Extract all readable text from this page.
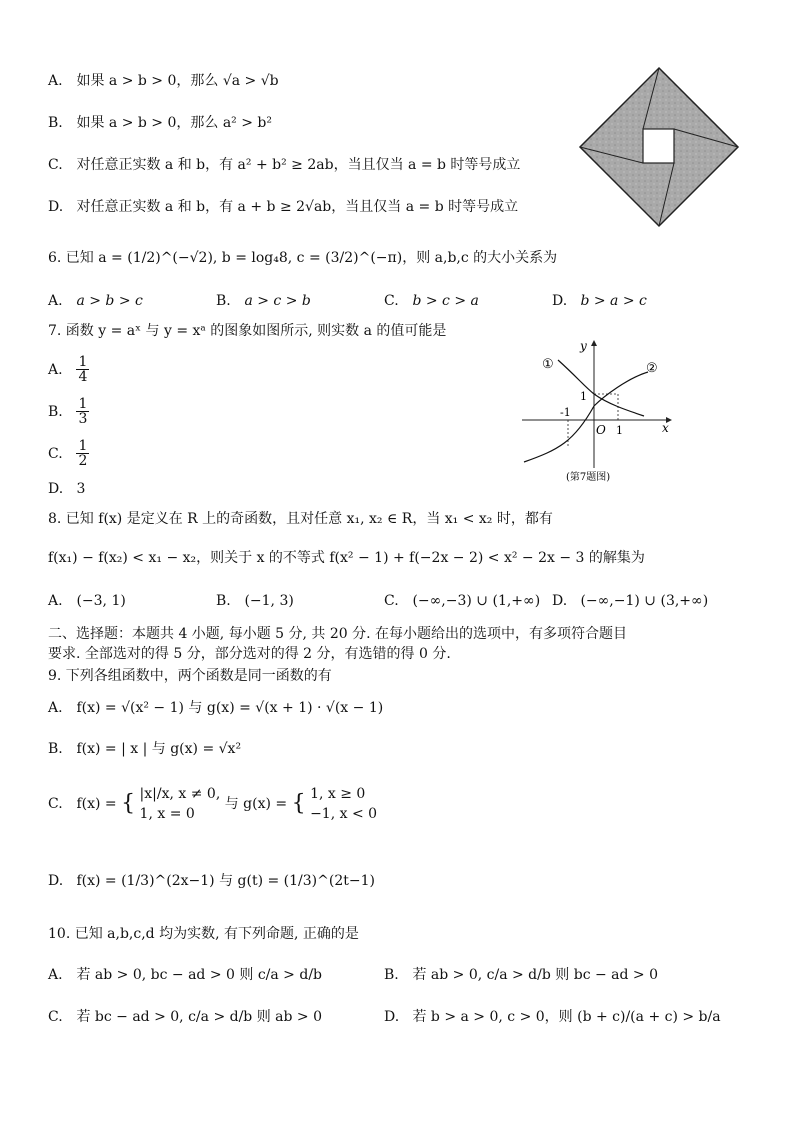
A. 如果 a > b > 0，那么 √a > √b
B. 如果 a > b > 0，那么 a² > b²
C. 对任意正实数 a 和 b，有 a² + b² ≥ 2ab，当且仅当 a = b 时等号成立
D. 对任意正实数 a 和 b，有 a + b ≥ 2√ab，当且仅当 a = b 时等号成立
6. 已知 a = (1/2)^(−√2), b = log₄8, c = (3/2)^(−π)，则 a,b,c 的大小关系为
A. a > b > c	B. a > c > b	C. b > c > a	D. b > a > c
7. 函数 y = aˣ 与 y = xᵃ 的图象如图所示, 则实数 a 的值可能是
A. $\frac{1}{4}$
B. $\frac{1}{3}$
C. $\frac{1}{2}$
D. 3
y
x
O
-1
1
1
①	②
(第7题图)
8. 已知 f(x) 是定义在 R 上的奇函数，且对任意 x₁, x₂ ∈ R，当 x₁ < x₂ 时，都有
f(x₁) − f(x₂) < x₁ − x₂，则关于 x 的不等式 f(x² − 1) + f(−2x − 2) < x² − 2x − 3 的解集为
A. (−3, 1)	B. (−1, 3)	C. (−∞,−3) ∪ (1,+∞) D. (−∞,−1) ∪ (3,+∞)
二、选择题：本题共 4 小题, 每小题 5 分, 共 20 分. 在每小题给出的选项中，有多项符合题目
要求. 全部选对的得 5 分，部分选对的得 2 分，有选错的得 0 分.
9. 下列各组函数中，两个函数是同一函数的有
A. f(x) = √(x² − 1) 与 g(x) = √(x + 1) · √(x − 1)
B. f(x) = | x | 与 g(x) = √x²
C. f(x) = { |x|/x, x ≠ 0,
1, x = 0
与 g(x) = { 1, x ≥ 0
−1, x < 0
D. f(x) = (1/3)^(2x−1) 与 g(t) = (1/3)^(2t−1)
10. 已知 a,b,c,d 均为实数, 有下列命题, 正确的是
A. 若 ab > 0, bc − ad > 0 则 c/a > d/b	B. 若 ab > 0, c/a > d/b 则 bc − ad > 0
C. 若 bc − ad > 0, c/a > d/b 则 ab > 0	D. 若 b > a > 0, c > 0，则 (b + c)/(a + c) > b/a
